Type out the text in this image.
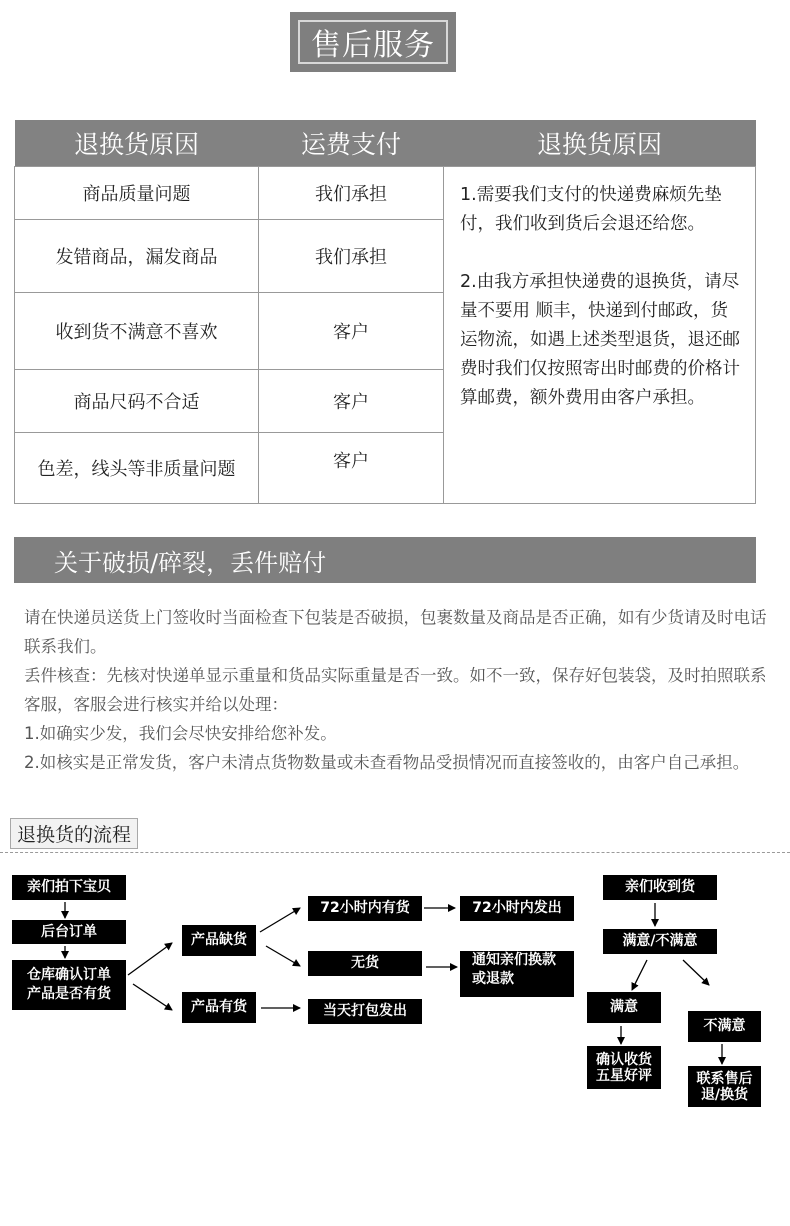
售后服务
退换货原因	运费支付	退换货原因
商品质量问题	我们承担	1.需要我们支付的快递费麻烦先垫付，我们收到货后会退还给您。

2.由我方承担快递费的退换货，请尽量不要用 顺丰，快递到付邮政，货运物流，如遇上述类型退货，退还邮费时我们仅按照寄出时邮费的价格计算邮费，额外费用由客户承担。

发错商品，漏发商品	我们承担	
收到货不满意不喜欢	客户	
商品尺码不合适	客户	
色差，线头等非质量问题	客户	
关于破损/碎裂，丢件赔付
请在快递员送货上门签收时当面检查下包装是否破损，包裹数量及商品是否正确，如有少货请及时电话联系我们。
丢件核查：先核对快递单显示重量和货品实际重量是否一致。如不一致，保存好包装袋，及时拍照联系客服，客服会进行核实并给以处理：
1.如确实少发，我们会尽快安排给您补发。
2.如核实是正常发货，客户未清点货物数量或未查看物品受损情况而直接签收的，由客户自己承担。
退换货的流程
亲们拍下宝贝
后台订单
仓库确认订单
产品是否有货
产品缺货
产品有货
72小时内有货
无货
当天打包发出
72小时内发出
通知亲们换款
或退款
亲们收到货
满意/不满意
满意
不满意
确认收货
五星好评	联系售后
退/换货
